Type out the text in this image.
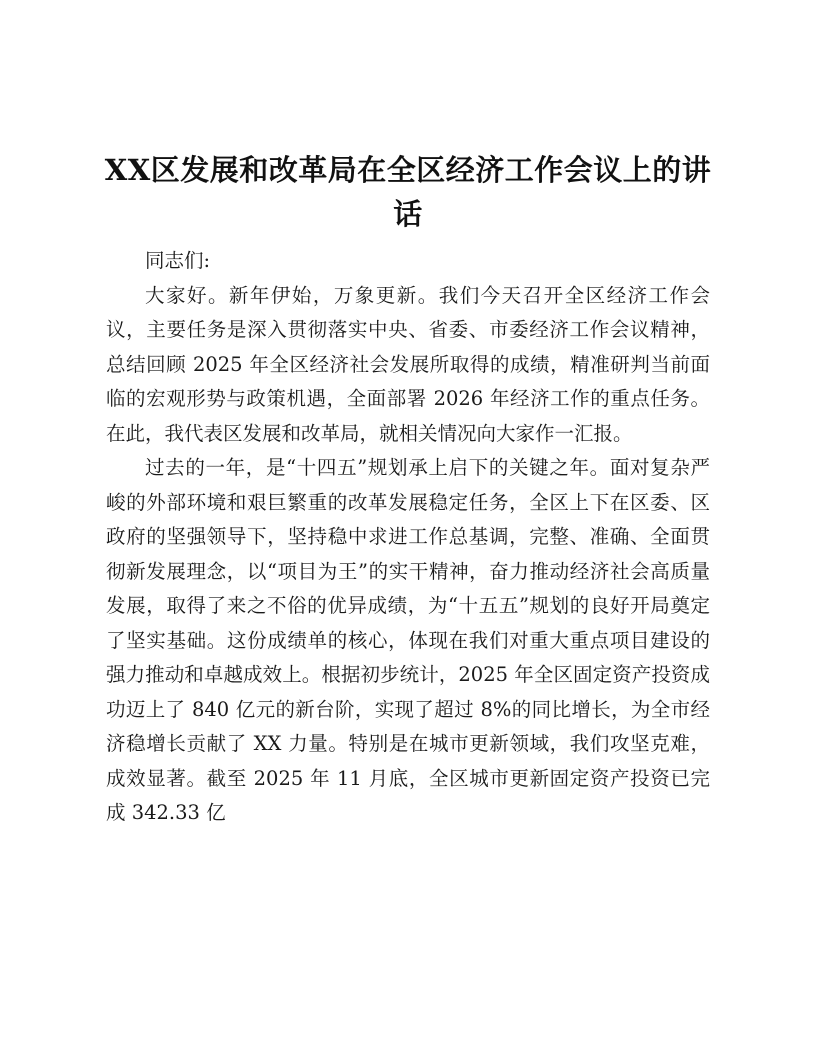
XX区发展和改革局在全区经济工作会议上的讲话

同志们:

大家好。新年伊始，万象更新。我们今天召开全区经济工作会议，主要任务是深入贯彻落实中央、省委、市委经济工作会议精神，总结回顾 2025 年全区经济社会发展所取得的成绩，精准研判当前面临的宏观形势与政策机遇，全面部署 2026 年经济工作的重点任务。在此，我代表区发展和改革局，就相关情况向大家作一汇报。

过去的一年，是“十四五”规划承上启下的关键之年。面对复杂严峻的外部环境和艰巨繁重的改革发展稳定任务，全区上下在区委、区政府的坚强领导下，坚持稳中求进工作总基调，完整、准确、全面贯彻新发展理念，以“项目为王”的实干精神，奋力推动经济社会高质量发展，取得了来之不俗的优异成绩，为“十五五”规划的良好开局奠定了坚实基础。这份成绩单的核心，体现在我们对重大重点项目建设的强力推动和卓越成效上。根据初步统计，2025 年全区固定资产投资成功迈上了 840 亿元的新台阶，实现了超过 8%的同比增长，为全市经济稳增长贡献了 XX 力量。特别是在城市更新领域，我们攻坚克难，成效显著。截至 2025 年 11 月底，全区城市更新固定资产投资已完成 342.33 亿
